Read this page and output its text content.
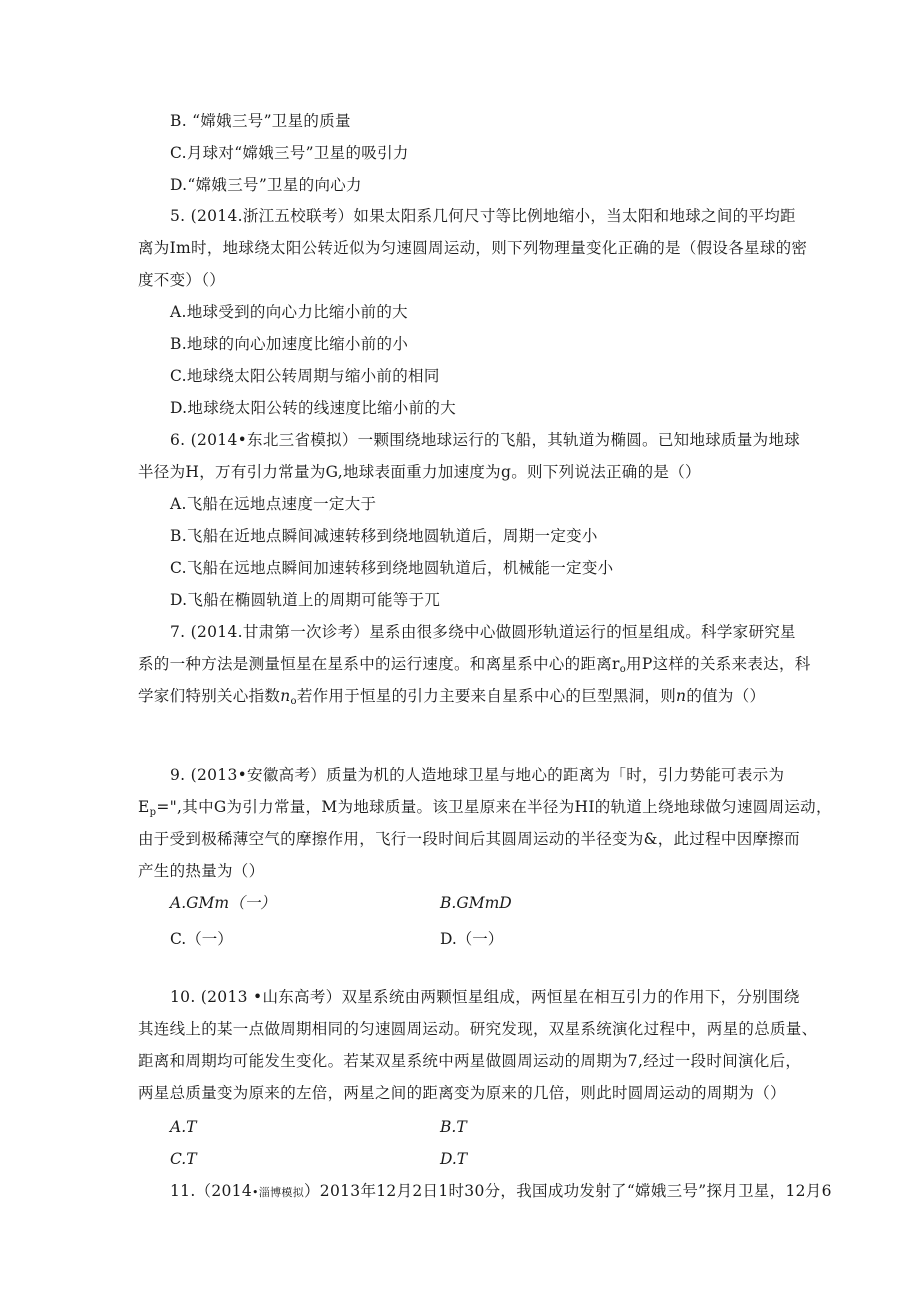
B. “嫦娥三号”卫星的质量
C.月球对“嫦娥三号”卫星的吸引力
D.“嫦娥三号”卫星的向心力
5. (2014.浙江五校联考）如果太阳系几何尺寸等比例地缩小，当太阳和地球之间的平均距
离为Im时，地球绕太阳公转近似为匀速圆周运动，则下列物理量变化正确的是（假设各星球的密
度不变）（）
A.地球受到的向心力比缩小前的大
B.地球的向心加速度比缩小前的小
C.地球绕太阳公转周期与缩小前的相同
D.地球绕太阳公转的线速度比缩小前的大
6. (2014•东北三省模拟）一颗围绕地球运行的飞船，其轨道为椭圆。已知地球质量为地球
半径为H，万有引力常量为G,地球表面重力加速度为g。则下列说法正确的是（）
A.飞船在远地点速度一定大于
B.飞船在近地点瞬间减速转移到绕地圆轨道后，周期一定变小
C.飞船在远地点瞬间加速转移到绕地圆轨道后，机械能一定变小
D.飞船在椭圆轨道上的周期可能等于兀
7. (2014.甘肃第一次诊考）星系由很多绕中心做圆形轨道运行的恒星组成。科学家研究星
系的一种方法是测量恒星在星系中的运行速度。和离星系中心的距离$r_o$用P这样的关系来表达，科
学家们特别关心指数$n_o$若作用于恒星的引力主要来自星系中心的巨型黑洞，则n的值为（）
9. (2013•安徽高考）质量为机的人造地球卫星与地心的距离为「时，引力势能可表示为
$E_p=$",其中G为引力常量，M为地球质量。该卫星原来在半径为HI的轨道上绕地球做匀速圆周运动，
由于受到极稀薄空气的摩擦作用，飞行一段时间后其圆周运动的半径变为&，此过程中因摩擦而
产生的热量为（）
A.GMm（一）	B.GMmD
C.（一）	D.（一）
10. (2013 •山东高考）双星系统由两颗恒星组成，两恒星在相互引力的作用下，分别围绕
其连线上的某一点做周期相同的匀速圆周运动。研究发现，双星系统演化过程中，两星的总质量、
距离和周期均可能发生变化。若某双星系统中两星做圆周运动的周期为7,经过一段时间演化后，
两星总质量变为原来的左倍，两星之间的距离变为原来的几倍，则此时圆周运动的周期为（）
A.T	B.T
C.T	D.T
11.（2014•淄博模拟）2013年12月2日1时30分，我国成功发射了“嫦娥三号”探月卫星，12月6
